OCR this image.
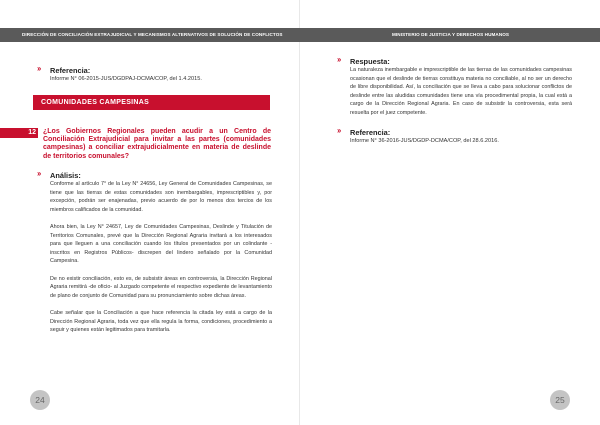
DIRECCIÓN DE CONCILIACIÓN EXTRAJUDICIAL Y MECANISMOS ALTERNATIVOS DE SOLUCIÓN DE CONFLICTOS
›› Referencia:
Informe N° 06-2015-JUS/DGDPAJ-DCMA/COP, del 1.4.2015.
COMUNIDADES CAMPESINAS
12 ¿Los Gobiernos Regionales pueden acudir a un Centro de Conciliación Extrajudicial para invitar a las partes (comunidades campesinas) a conciliar extrajudicialmente en materia de deslinde de territorios comunales?

›› Análisis:

Conforme al artículo 7° de la Ley N° 24656, Ley General de Comunidades Campesinas, se tiene que las tierras de estas comunidades son inembargables, imprescriptibles y, por excepción, podrán ser enajenadas, previo acuerdo de por lo menos dos tercios de los miembros calificados de la comunidad.

Ahora bien, la Ley N° 24657, Ley de Comunidades Campesinas, Deslinde y Titulación de Territorios Comunales, prevé que la Dirección Regional Agraria invitará a los interesados para que lleguen a una conciliación cuando los títulos presentados por un colindante -inscritos en Registros Públicos- discrepen del lindero señalado por la Comunidad Campesina.

De no existir conciliación, esto es, de subsistir áreas en controversia, la Dirección Regional Agraria remitirá -de oficio- al Juzgado competente el respectivo expediente de levantamiento de plano de conjunto de Comunidad para su pronunciamiento sobre dichas áreas.

Cabe señalar que la Conciliación a que hace referencia la citada ley está a cargo de la Dirección Regional Agraria, toda vez que ella regula la forma, condiciones, procedimiento a seguir y quienes están legitimados para tramitarla.

24
MINISTERIO DE JUSTICIA Y DERECHOS HUMANOS
›› Respuesta:

La naturaleza inembargable e imprescriptible de las tierras de las comunidades campesinas ocasionan que el deslinde de tierras constituya materia no conciliable, al no ser un derecho de libre disponibilidad. Así, la conciliación que se lleva a cabo para solucionar conflictos de deslinde entre las aludidas comunidades tiene una vía procedimental propia, la cual está a cargo de la Dirección Regional Agraria. En caso de subsistir la controversia, esta será resuelta por el juez competente.

›› Referencia:
Informe N° 36-2016-JUS/DGDP-DCMA/COP, del 28.6.2016.
25
